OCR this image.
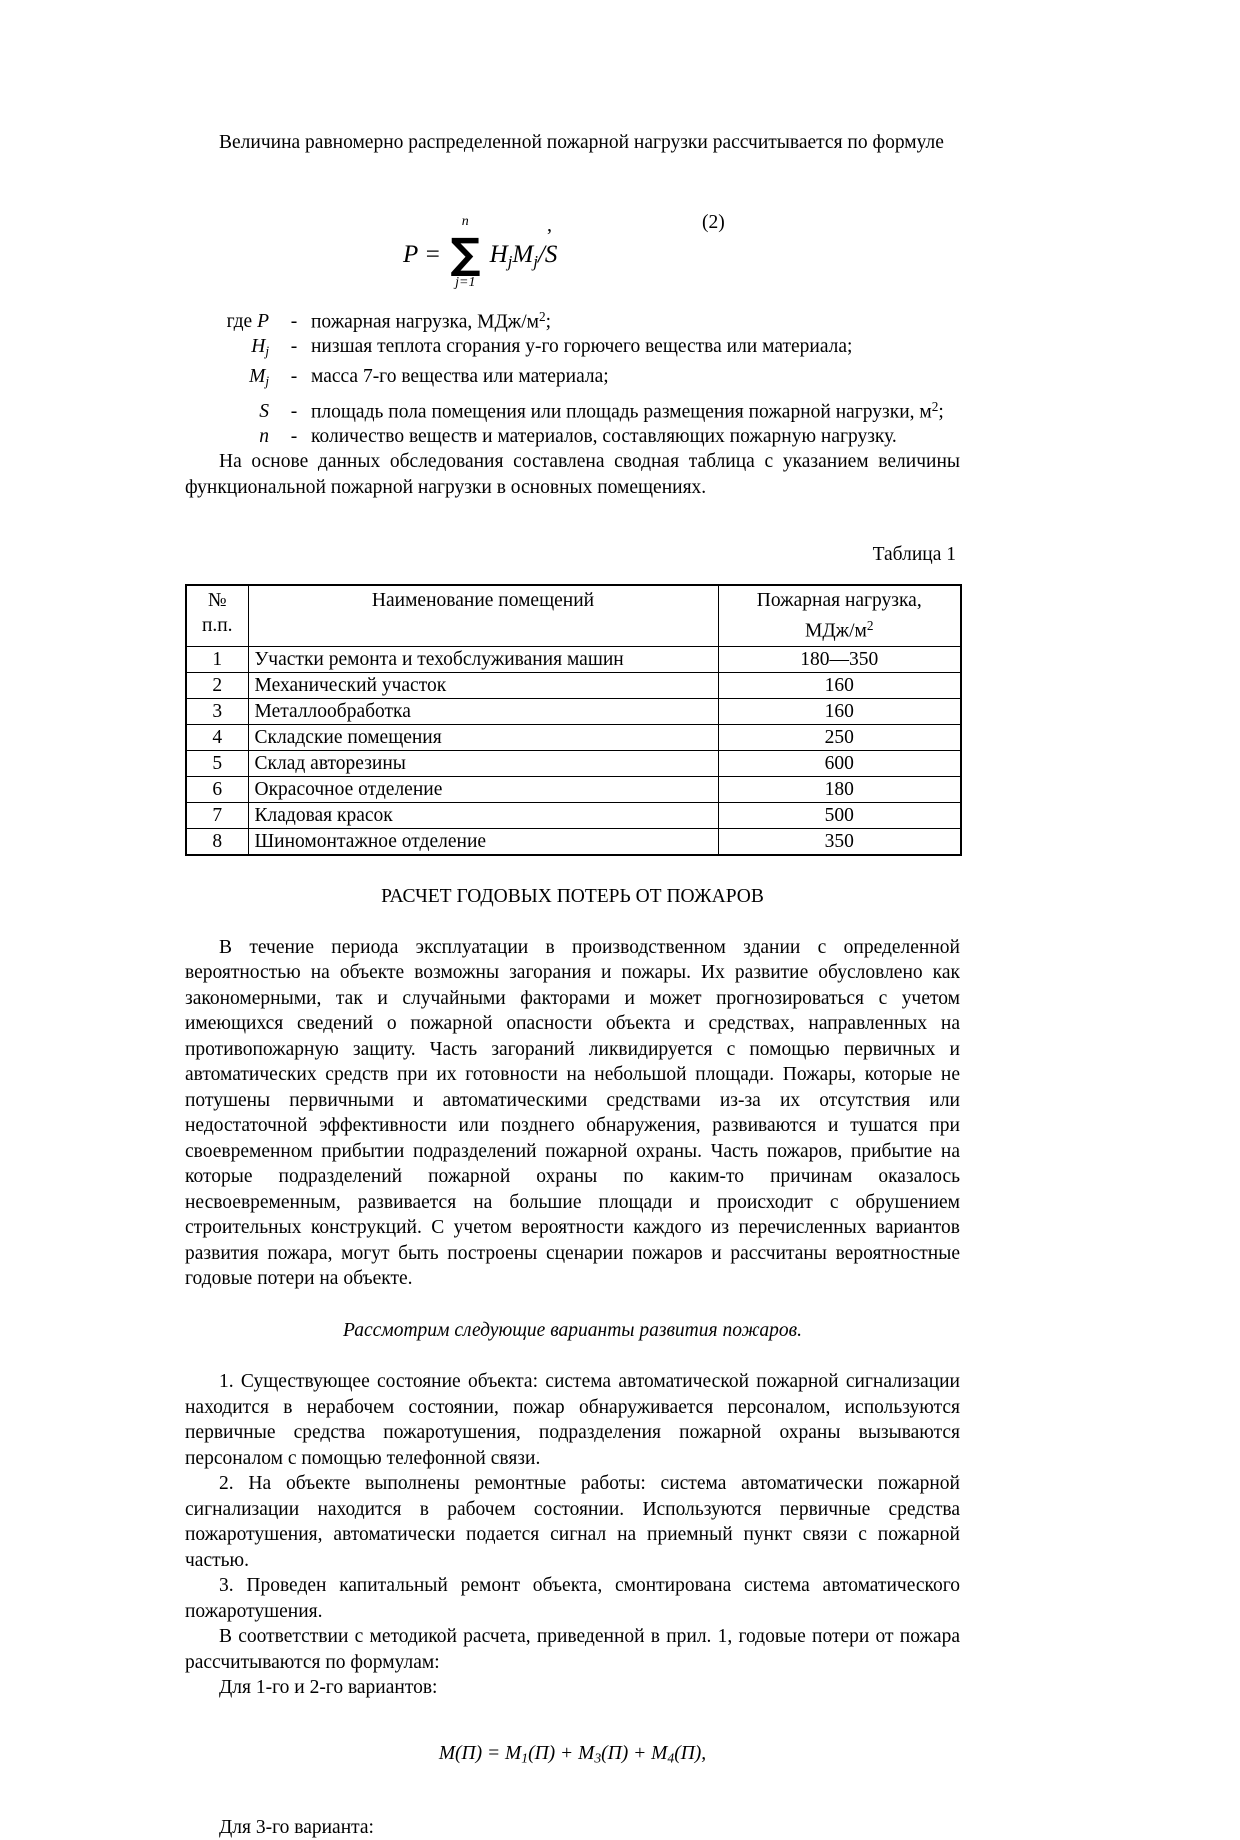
Величина равномерно распределенной пожарной нагрузки рассчитывается по формуле

,	(2)
P =
n
∑
j=1
$H_jM_j/S$
где P	- пожарная нагрузка, МДж/$м^2$;
$H_j$	- низшая теплота сгорания у-го горючего вещества или материала;
$M_j$	- масса 7-го вещества или материала;
S	- площадь пола помещения или площадь размещения пожарной нагрузки, $м^2$;
n	- количество веществ и материалов, составляющих пожарную нагрузку.

На основе данных обследования составлена сводная таблица с указанием величины функциональной пожарной нагрузки в основных помещениях.

Таблица 1
№
п.п.
	Наименование помещений	Пожарная нагрузка,
МДж/$м^2$

1	Участки ремонта и техобслуживания машин	180—350
2	Механический участок	160
3	Металлообработка	160
4	Складские помещения	250
5	Склад авторезины	600
6	Окрасочное отделение	180
7	Кладовая красок	500
8	Шиномонтажное отделение	350
РАСЧЕТ ГОДОВЫХ ПОТЕРЬ ОТ ПОЖАРОВ

В течение периода эксплуатации в производственном здании с определенной вероятностью на объекте возможны загорания и пожары. Их развитие обусловлено как закономерными, так и случайными факторами и может прогнозироваться с учетом имеющихся сведений о пожарной опасности объекта и средствах, направленных на противопожарную защиту. Часть загораний ликвидируется с помощью первичных и автоматических средств при их готовности на небольшой площади. Пожары, которые не потушены первичными и автоматическими средствами из-за их отсутствия или недостаточной эффективности или позднего обнаружения, развиваются и тушатся при своевременном прибытии подразделений пожарной охраны. Часть пожаров, прибытие на которые подразделений пожарной охраны по каким-то причинам оказалось несвоевременным, развивается на большие площади и происходит с обрушением строительных конструкций. С учетом вероятности каждого из перечисленных вариантов развития пожара, могут быть построены сценарии пожаров и рассчитаны вероятностные годовые потери на объекте.

Рассмотрим следующие варианты развития пожаров.

1. Существующее состояние объекта: система автоматической пожарной сигнализации находится в нерабочем состоянии, пожар обнаруживается персоналом, используются первичные средства пожаротушения, подразделения пожарной охраны вызываются персоналом с помощью телефонной связи.

2. На объекте выполнены ремонтные работы: система автоматически пожарной сигнализации находится в рабочем состоянии. Используются первичные средства пожаротушения, автоматически подается сигнал на приемный пункт связи с пожарной частью.

3. Проведен капитальный ремонт объекта, смонтирована система автоматического пожаротушения.

В соответствии с методикой расчета, приведенной в прил. 1, годовые потери от пожара рассчитываются по формулам:

Для 1-го и 2-го вариантов:

$М(П) = М_1(П) + М_3(П) + М_4(П)$,

Для 3-го варианта:
